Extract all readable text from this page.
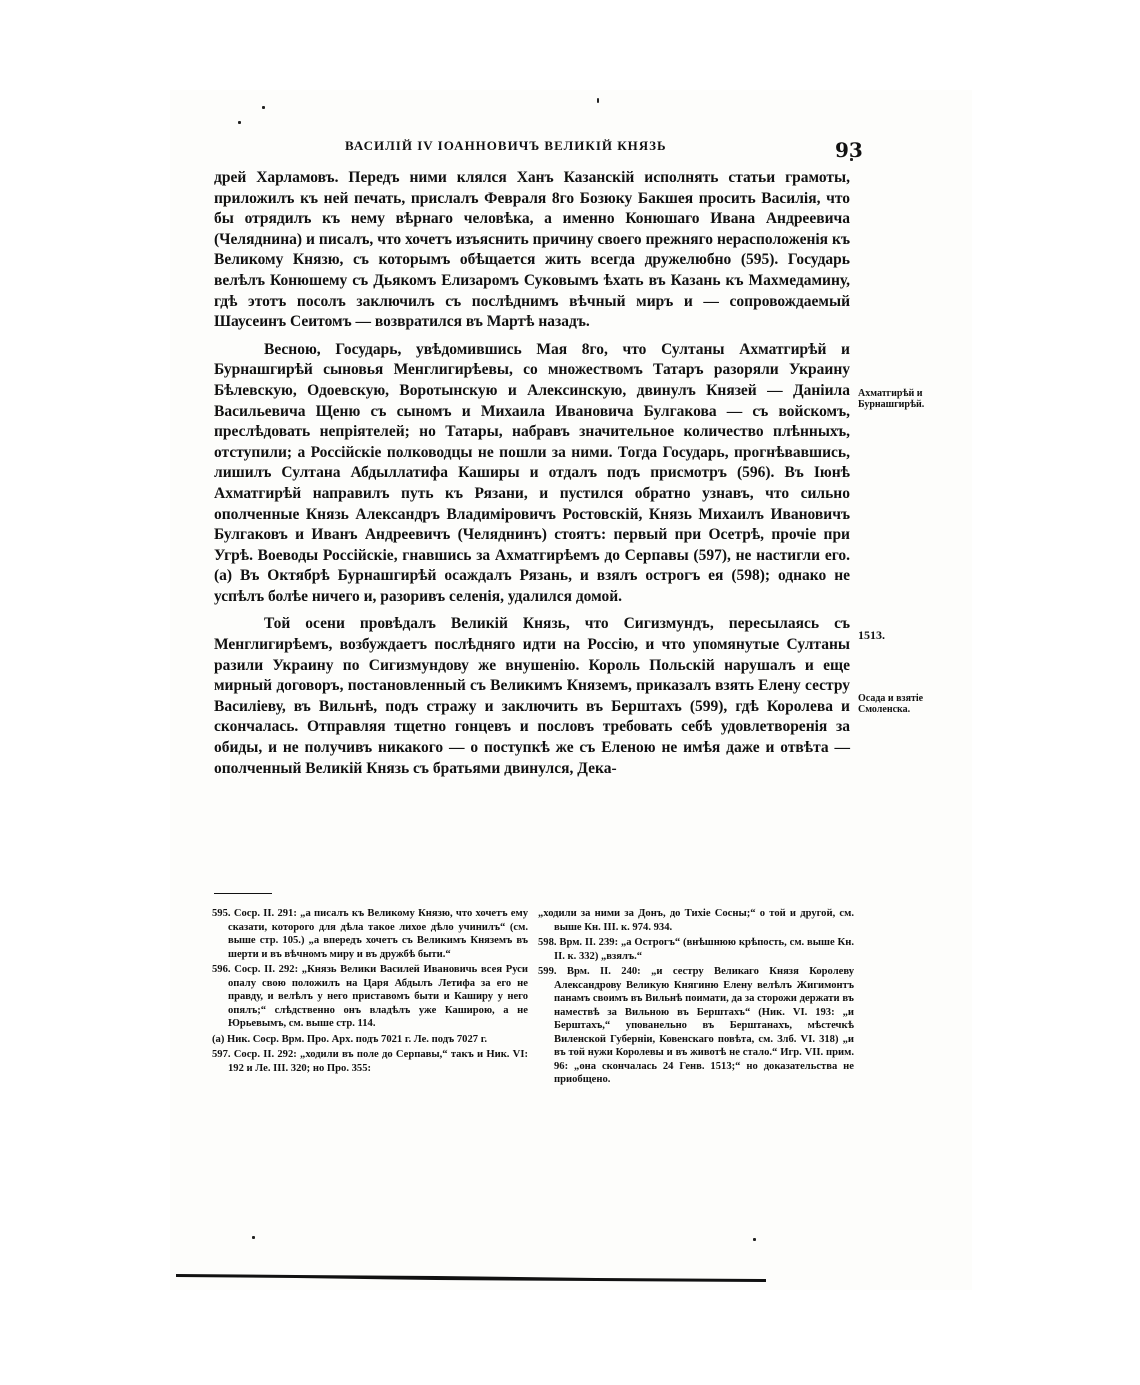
ВАСИЛІЙ IV ІОАННОВИЧЪ ВЕЛИКІЙ КНЯЗЬ	93

дрей Харламовъ. Передъ ними клялся Ханъ Казанскій исполнять статьи грамоты, приложилъ къ ней печать, прислалъ Февраля 8го Бозюку Бакшея просить Василія, что бы отрядилъ къ нему вѣрнаго человѣка, а именно Конюшаго Ивана Андреевича (Челяднина) и писалъ, что хочетъ изъяснить причину своего прежняго нерасположенія къ Великому Князю, съ которымъ обѣщается жить всегда дружелюбно (595). Государь велѣлъ Конюшему съ Дьякомъ Елизаромъ Суковымъ ѣхать въ Казань къ Махмедамину, гдѣ этотъ посолъ заключилъ съ послѣднимъ вѣчный миръ и — сопровождаемый Шаусеинъ Сеитомъ — возвратился въ Мартѣ назадъ.

Весною, Государь, увѣдомившись Мая 8го, что Султаны Ахматгирѣй и Бурнашгирѣй сыновья Менглигирѣевы, со множествомъ Татаръ разоряли Украину Бѣлевскую, Одоевскую, Воротынскую и Алексинскую, двинулъ Князей — Даніила Васильевича Щеню съ сыномъ и Михаила Ивановича Булгакова — съ войскомъ, преслѣдовать непріятелей; но Татары, набравъ значительное количество плѣнныхъ, отступили; а Россійскіе полководцы не пошли за ними. Тогда Государь, прогнѣвавшись, лишилъ Султана Абдыллатифа Каширы и отдалъ подъ присмотръ (596). Въ Іюнѣ Ахматгирѣй направилъ путь къ Рязани, и пустился обратно узнавъ, что сильно ополченные Князь Александръ Владиміровичъ Ростовскій, Князь Михаилъ Ивановичъ Булгаковъ и Иванъ Андреевичъ (Челяднинъ) стоятъ: первый при Осетрѣ, прочіе при Угрѣ. Воеводы Россійскіе, гнавшись за Ахматгирѣемъ до Серпавы (597), не настигли его. (а) Въ Октябрѣ Бурнашгирѣй осаждалъ Рязань, и взялъ острогъ ея (598); однако не успѣлъ болѣе ничего и, разоривъ селенія, удалился домой.

Той осени провѣдалъ Великій Князь, что Сигизмундъ, пересылаясь съ Менглигирѣемъ, возбуждаетъ послѣдняго идти на Россію, и что упомянутые Султаны разили Украину по Сигизмундову же внушенію. Король Польскій нарушалъ и еще мирный договоръ, постановленный съ Великимъ Княземъ, приказалъ взять Елену сестру Василіеву, въ Вильнѣ, подъ стражу и заключить въ Берштахъ (599), гдѣ Королева и скончалась. Отправляя тщетно гонцевъ и пословъ требовать себѣ удовлетворенія за обиды, и не получивъ никакого — о поступкѣ же съ Еленою не имѣя даже и отвѣта — ополченный Великій Князь съ братьями двинулся, Дека-

Ахматгирѣй и Бурнашгирѣй.
1513.
Осада и взятіе Смоленска.

595. Соср. II. 291: „а писалъ къ Великому Князю, что хочетъ ему сказати, которого для дѣла такое лихое дѣло учинилъ“ (см. выше стр. 105.) „а впередъ хочетъ съ Великимъ Княземъ въ шерти и въ вѣчномъ миру и въ дружбѣ быти.“

596. Соср. II. 292: „Князь Велики Василей Ивановичь всея Руси опалу свою положилъ на Царя Абдылъ Летифа за его не правду, и велѣлъ у него приставомъ быти и Каширу у него опялъ;“ слѣдственно онъ владѣлъ уже Каширою, а не Юрьевымъ, см. выше стр. 114.

(а) Ник. Соср. Врм. Про. Арх. подъ 7021 г. Ле. подъ 7027 г.

597. Соср. II. 292: „ходили въ поле до Серпавы,“ такъ и Ник. VI: 192 и Ле. III. 320; но Про. 355:

„ходили за ними за Донъ, до Тихіе Сосны;“ о той и другой, см. выше Кн. III. к. 974. 934.

598. Врм. II. 239: „а Острогъ“ (внѣшнюю крѣпость, см. выше Кн. II. к. 332) „взялъ.“

599. Врм. II. 240: „и сестру Великаго Князя Королеву Александрову Великую Княгиню Елену велѣлъ Жигимонтъ панамъ своимъ въ Вильнѣ поимати, да за сторожи держати въ намествѣ за Вильною въ Берштахъ“ (Ник. VI. 193: „и Берштахъ,“ упованельно въ Берштанахъ, мѣстечкѣ Виленской Губерніи, Ковенскаго повѣта, см. Злб. VI. 318) „и въ той нужи Королевы и въ животѣ не стало.“ Игр. VII. прим. 96: „она скончалась 24 Генв. 1513;“ но доказательства не приобщено.
